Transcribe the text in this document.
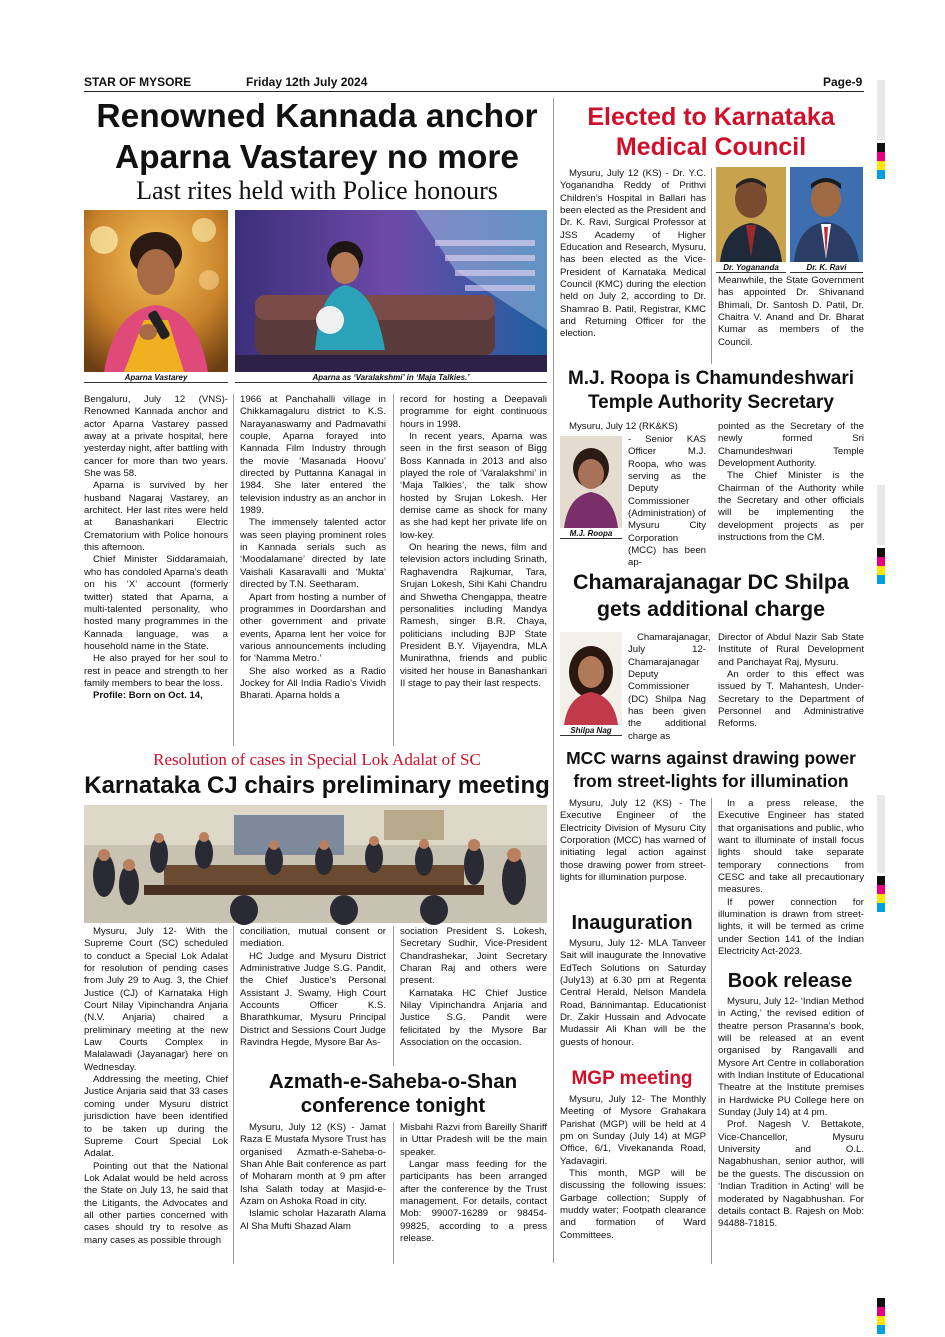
STAR OF MYSORE	Friday 12th July 2024	Page-9
Renowned Kannada anchor
Aparna Vastarey no more
Last rites held with Police honours
Aparna Vastarey	Aparna as ‘Varalakshmi’ in ‘Maja Talkies.’

Bengaluru, July 12 (VNS)- Renowned Kannada anchor and actor Aparna Vastarey passed away at a private hospital, here yesterday night, after battling with cancer for more than two years. She was 58.

Aparna is survived by her husband Nagaraj Vastarey, an architect. Her last rites were held at Banashankari Electric Crematorium with Police honours this afternoon.

Chief Minister Siddaramaiah, who has condoled Aparna’s death on his ‘X’ account (formerly twitter) stated that Aparna, a multi-talented personality, who hosted many programmes in the Kannada language, was a household name in the State.

He also prayed for her soul to rest in peace and strength to her family members to bear the loss.

Profile: Born on Oct. 14,

1966 at Panchahalli village in Chikkamagaluru district to K.S. Narayanaswamy and Padmavathi couple, Aparna forayed into Kannada Film Industry through the movie ‘Masanada Hoovu’ directed by Puttanna Kanagal in 1984. She later entered the television industry as an anchor in 1989.

The immensely talented actor was seen playing prominent roles in Kannada serials such as ‘Moodalamane’ directed by late Vaishali Kasaravalli and ‘Mukta’ directed by T.N. Seetharam.

Apart from hosting a number of programmes in Doordarshan and other government and private events, Aparna lent her voice for various announcements including for ‘Namma Metro.’

She also worked as a Radio Jockey for All India Radio’s Vividh Bharati. Aparna holds a

record for hosting a Deepavali programme for eight continuous hours in 1998.

In recent years, Aparna was seen in the first season of Bigg Boss Kannada in 2013 and also played the role of ‘Varalakshmi’ in ‘Maja Talkies’, the talk show hosted by Srujan Lokesh. Her demise came as shock for many as she had kept her private life on low-key.

On hearing the news, film and television actors including Srinath, Raghavendra Rajkumar, Tara, Srujan Lokesh, Sihi Kahi Chandru and Shwetha Chengappa, theatre personalities including Mandya Ramesh, singer B.R. Chaya, politicians including BJP State President B.Y. Vijayendra, MLA Munirathna, friends and public visited her house in Banashankari II stage to pay their last respects.

Elected to Karnataka
Medical Council

Mysuru, July 12 (KS) - Dr. Y.C. Yoganandha Reddy of Prithvi Children’s Hospital in Ballari has been elected as the President and Dr. K. Ravi, Surgical Professor at JSS Academy of Higher Education and Research, Mysuru, has been elected as the Vice-President of Karnataka Medical Council (KMC) during the election held on July 2, according to Dr. Shamrao B. Patil, Registrar, KMC and Returning Officer for the election.

Dr. Yogananda	Dr. K. Ravi

Meanwhile, the State Government has appointed Dr. Shivanand Bhimali, Dr. Santosh D. Patil, Dr. Chaitra V. Anand and Dr. Bharat Kumar as members of the Council.

M.J. Roopa is Chamundeshwari
Temple Authority Secretary
Mysuru, July 12 (RK&KS)
M.J. Roopa
- Senior KAS Officer M.J. Roopa, who was serving as the Deputy Commissioner (Administration) of Mysuru City Corporation (MCC) has been ap-

pointed as the Secretary of the newly formed Sri Chamundeshwari Temple Development Authority.

The Chief Minister is the Chairman of the Authority while the Secretary and other officials will be implementing the development projects as per instructions from the CM.

Chamarajanagar DC Shilpa
gets additional charge
Shilpa Nag
Chamarajanagar, July 12- Chamarajanagar Deputy Commissioner (DC) Shilpa Nag has been given the additional charge as

Director of Abdul Nazir Sab State Institute of Rural Development and Panchayat Raj, Mysuru.

An order to this effect was issued by T. Mahantesh, Under-Secretary to the Department of Personnel and Administrative Reforms.

Resolution of cases in Special Lok Adalat of SC
Karnataka CJ chairs preliminary meeting

Mysuru, July 12- With the Supreme Court (SC) scheduled to conduct a Special Lok Adalat for resolution of pending cases from July 29 to Aug. 3, the Chief Justice (CJ) of Karnataka High Court Nilay Vipinchandra Anjaria (N.V. Anjaria) chaired a preliminary meeting at the new Law Courts Complex in Malalawadi (Jayanagar) here on Wednesday.

Addressing the meeting, Chief Justice Anjaria said that 33 cases coming under Mysuru district jurisdiction have been identified to be taken up during the Supreme Court Special Lok Adalat.

Pointing out that the National Lok Adalat would be held across the State on July 13, he said that the Litigants, the Advocates and all other parties concerned with cases should try to resolve as many cases as possible through

conciliation, mutual consent or mediation.

HC Judge and Mysuru District Administrative Judge S.G. Pandit, the Chief Justice’s Personal Assistant J. Swamy, High Court Accounts Officer K.S. Bharathkumar, Mysuru Principal District and Sessions Court Judge Ravindra Hegde, Mysore Bar As-

sociation President S. Lokesh, Secretary Sudhir, Vice-President Chandrashekar, Joint Secretary Charan Raj and others were present.

Karnataka HC Chief Justice Nilay Vipinchandra Anjaria and Justice S.G. Pandit were felicitated by the Mysore Bar Association on the occasion.

Azmath-e-Saheba-o-Shan
conference tonight

Mysuru, July 12 (KS) - Jamat Raza E Mustafa Mysore Trust has organised Azmath-e-Saheba-o-Shan Ahle Bait conference as part of Moharam month at 9 pm after Isha Salath today at Masjid-e-Azam on Ashoka Road in city.

Islamic scholar Hazarath Alama Al Sha Mufti Shazad Alam

Misbahi Razvi from Bareilly Shariff in Uttar Pradesh will be the main speaker.

Langar mass feeding for the participants has been arranged after the conference by the Trust management. For details, contact Mob: 99007-16289 or 98454-99825, according to a press release.

MCC warns against drawing power
from street-lights for illumination

Mysuru, July 12 (KS) - The Executive Engineer of the Electricity Division of Mysuru City Corporation (MCC) has warned of initiating legal action against those drawing power from street-lights for illumination purpose.

In a press release, the Executive Engineer has stated that organisations and public, who want to illuminate of install focus lights should take separate temporary connections from CESC and take all precautionary measures.

If power connection for illumination is drawn from street-lights, it will be termed as crime under Section 141 of the Indian Electricity Act-2023.

Inauguration

Mysuru, July 12- MLA Tanveer Sait will inaugurate the Innovative EdTech Solutions on Saturday (July13) at 6.30 pm at Regenta Central Herald, Nelson Mandela Road, Bannimantap. Educationist Dr. Zakir Hussain and Advocate Mudassir Ali Khan will be the guests of honour.

MGP meeting

Mysuru, July 12- The Monthly Meeting of Mysore Grahakara Parishat (MGP) will be held at 4 pm on Sunday (July 14) at MGP Office, 6/1, Vivekananda Road, Yadavagiri.

This month, MGP will be discussing the following issues: Garbage collection; Supply of muddy water; Footpath clearance and formation of Ward Committees.

Book release

Mysuru, July 12- ‘Indian Method in Acting,’ the revised edition of theatre person Prasanna’s book, will be released at an event organised by Rangavalli and Mysore Art Centre in collaboration with Indian Institute of Educational Theatre at the Institute premises in Hardwicke PU College here on Sunday (July 14) at 4 pm.

Prof. Nagesh V. Bettakote, Vice-Chancellor, Mysuru University and O.L. Nagabhushan, senior author, will be the guests. The discussion on ‘Indian Tradition in Acting’ will be moderated by Nagabhushan. For details contact B. Rajesh on Mob: 94488-71815.
